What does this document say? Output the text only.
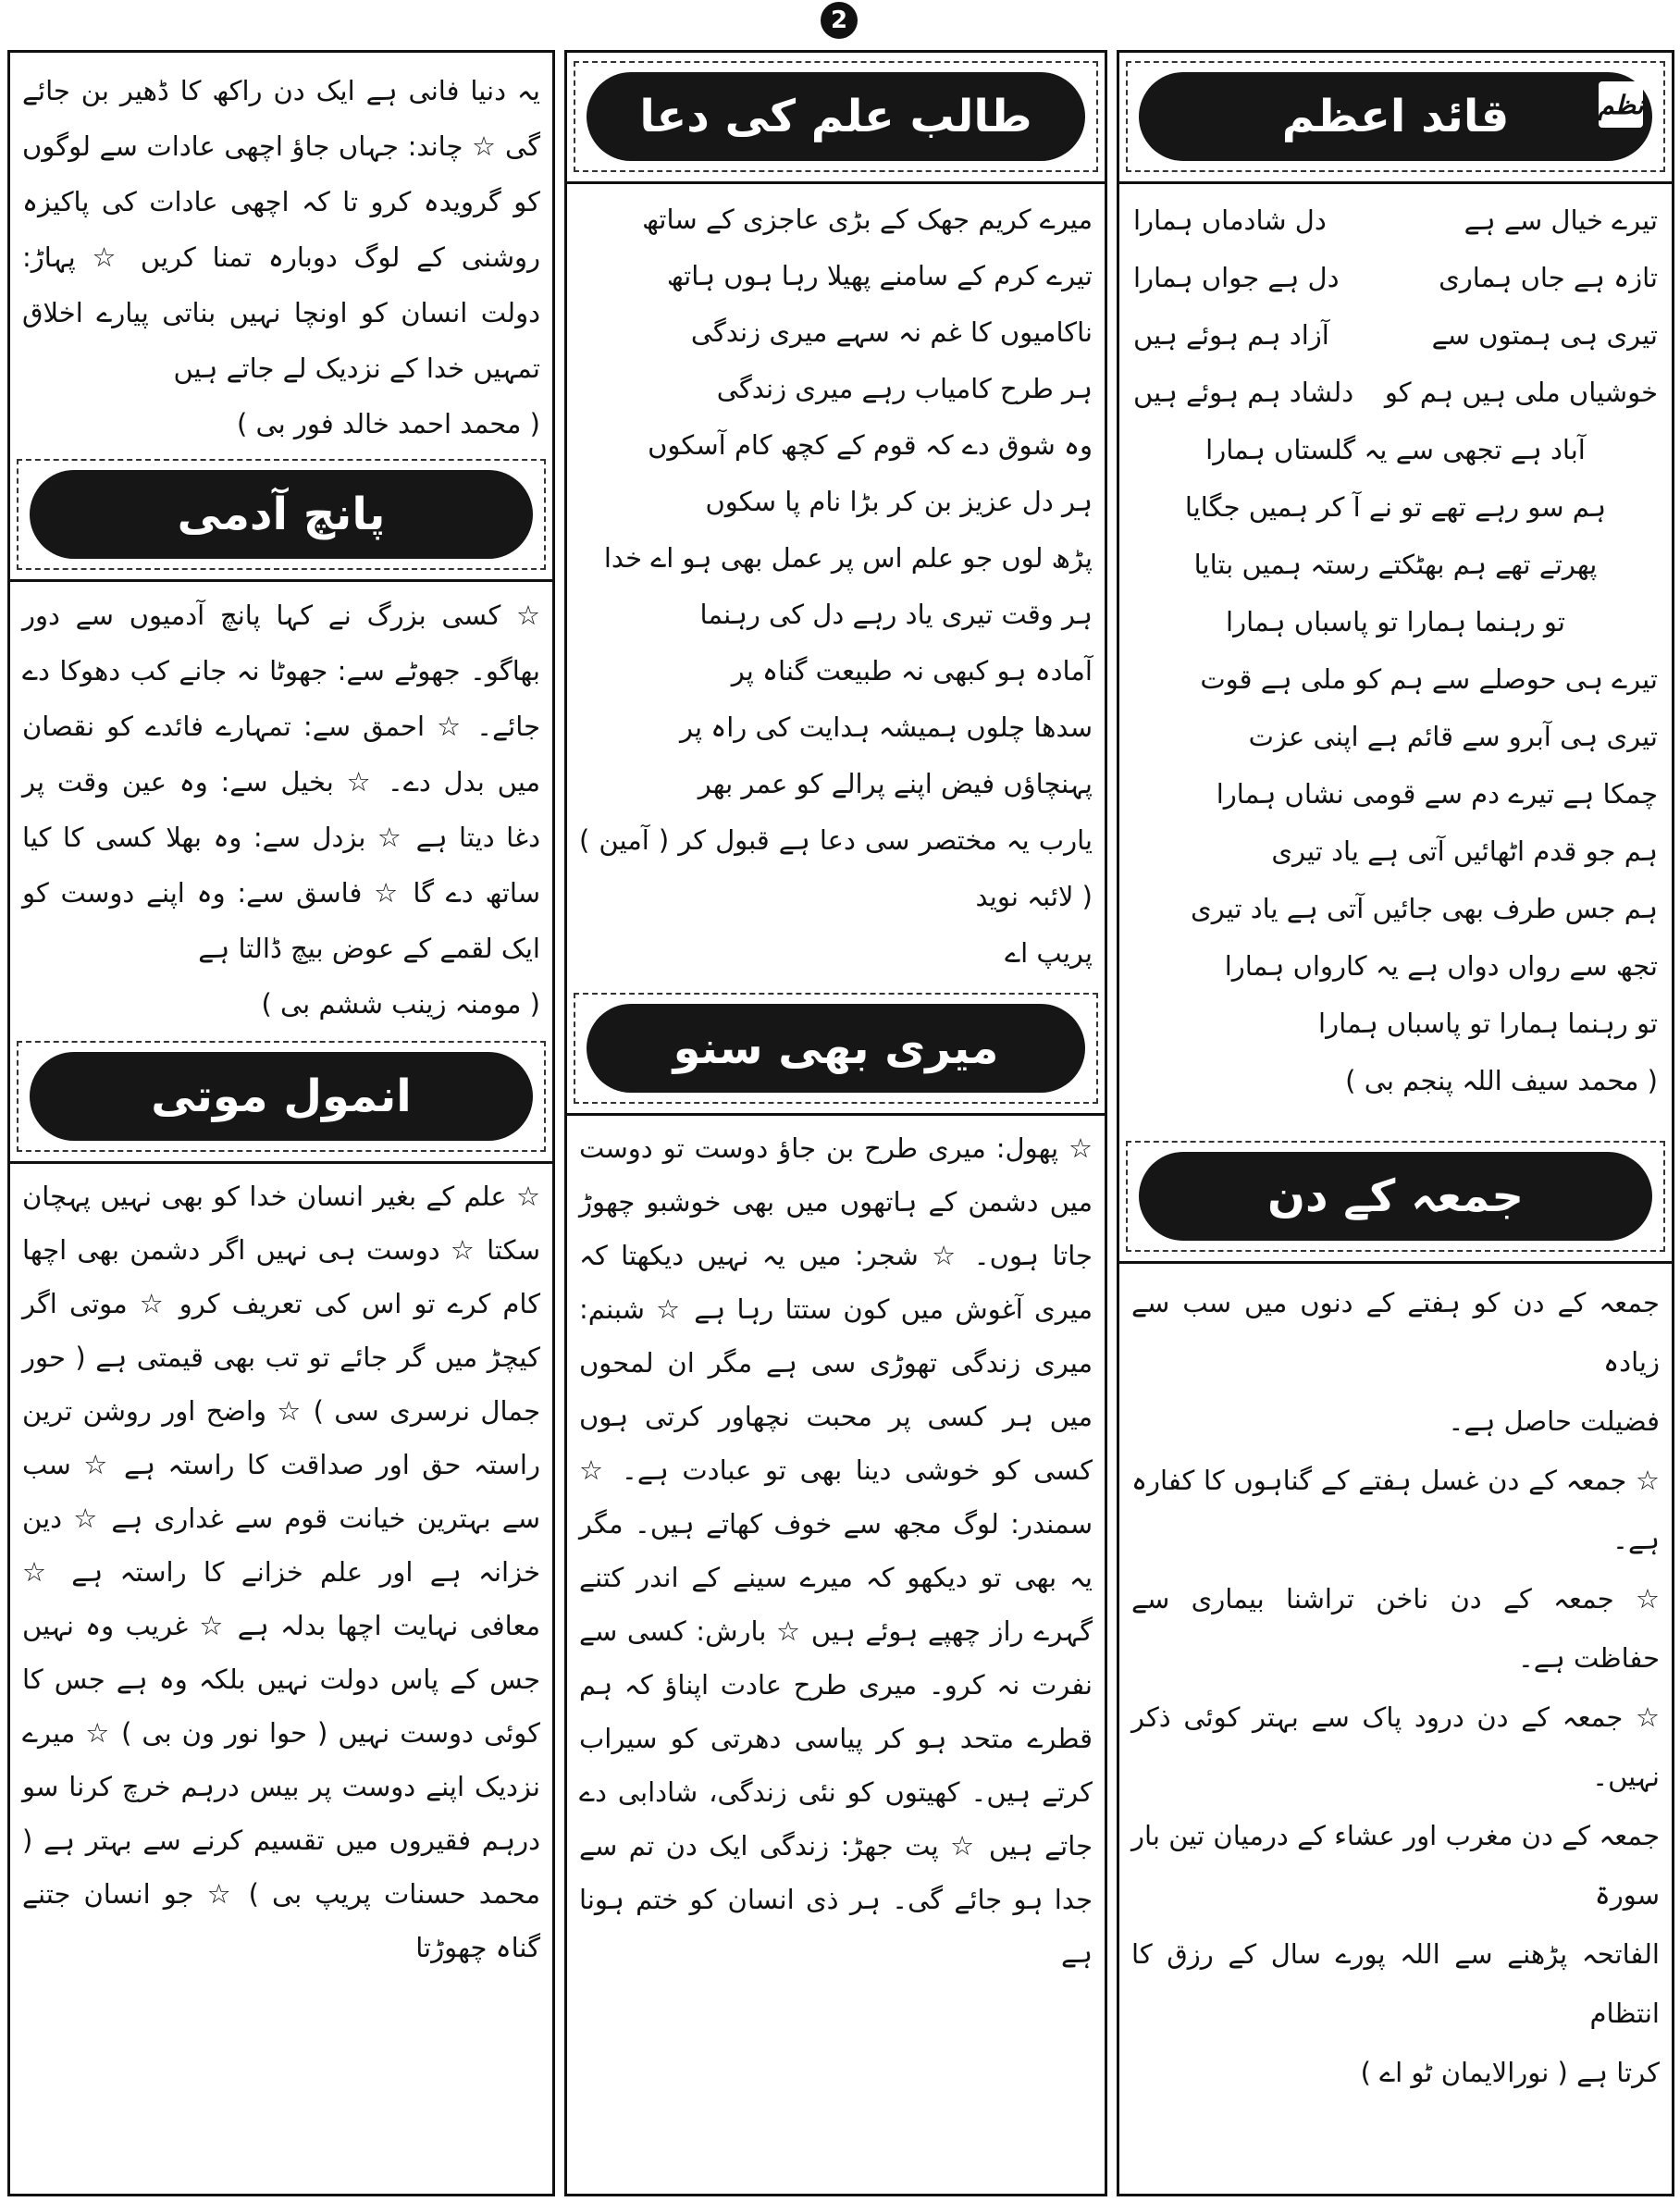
2
نظم
قائد اعظم
تیرے خیال سے ہے
دل شادماں ہمارا
تازہ ہے جاں ہماری
دل ہے جواں ہمارا
تیری ہی ہمتوں سے
آزاد ہم ہوئے ہیں
خوشیاں ملی ہیں ہم کو
دلشاد ہم ہوئے ہیں
آباد ہے تجھی سے یہ گلستاں ہمارا
ہم سو رہے تھے تو نے آ کر ہمیں جگایا
پھرتے تھے ہم بھٹکتے رستہ ہمیں بتایا
تو رہنما ہمارا تو پاسباں ہمارا
تیرے ہی حوصلے سے ہم کو ملی ہے قوت
تیری ہی آبرو سے قائم ہے اپنی عزت
چمکا ہے تیرے دم سے قومی نشاں ہمارا
ہم جو قدم اٹھائیں آتی ہے یاد تیری
ہم جس طرف بھی جائیں آتی ہے یاد تیری
تجھ سے رواں دواں ہے یہ کارواں ہمارا
تو رہنما ہمارا تو پاسباں ہمارا
( محمد سیف اللہ پنجم بی )
جمعہ کے دن

جمعہ کے دن کو ہفتے کے دنوں میں سب سے زیادہ

فضیلت حاصل ہے۔

☆ جمعہ کے دن غسل ہفتے کے گناہوں کا کفارہ ہے۔

☆ جمعہ کے دن ناخن تراشنا بیماری سے حفاظت ہے۔

☆ جمعہ کے دن درود پاک سے بہتر کوئی ذکر نہیں۔

جمعہ کے دن مغرب اور عشاء کے درمیان تین بار سورۃ

الفاتحہ پڑھنے سے اللہ پورے سال کے رزق کا انتظام

کرتا ہے ( نورالایمان ٹو اے )

طالب علم کی دعا

میرے کریم جھک کے بڑی عاجزی کے ساتھ

تیرے کرم کے سامنے پھیلا رہا ہوں ہاتھ

ناکامیوں کا غم نہ سہے میری زندگی

ہر طرح کامیاب رہے میری زندگی

وہ شوق دے کہ قوم کے کچھ کام آسکوں

ہر دل عزیز بن کر بڑا نام پا سکوں

پڑھ لوں جو علم اس پر عمل بھی ہو اے خدا

ہر وقت تیری یاد رہے دل کی رہنما

آمادہ ہو کبھی نہ طبیعت گناہ پر

سدھا چلوں ہمیشہ ہدایت کی راہ پر

پہنچاؤں فیض اپنے پرالے کو عمر بھر

یارب یہ مختصر سی دعا ہے قبول کر ( آمین ) ( لائبہ نوید

پریپ اے

میری بھی سنو

☆ پھول: میری طرح بن جاؤ دوست تو دوست میں دشمن کے ہاتھوں میں بھی خوشبو چھوڑ جاتا ہوں۔ ☆ شجر: میں یہ نہیں دیکھتا کہ میری آغوش میں کون ستتا رہا ہے ☆ شبنم: میری زندگی تھوڑی سی ہے مگر ان لمحوں میں ہر کسی پر محبت نچھاور کرتی ہوں کسی کو خوشی دینا بھی تو عبادت ہے۔ ☆ سمندر: لوگ مجھ سے خوف کھاتے ہیں۔ مگر یہ بھی تو دیکھو کہ میرے سینے کے اندر کتنے گہرے راز چھپے ہوئے ہیں ☆ بارش: کسی سے نفرت نہ کرو۔ میری طرح عادت اپناؤ کہ ہم قطرے متحد ہو کر پیاسی دھرتی کو سیراب کرتے ہیں۔ کھیتوں کو نئی زندگی، شادابی دے جاتے ہیں ☆ پت جھڑ: زندگی ایک دن تم سے جدا ہو جائے گی۔ ہر ذی انسان کو ختم ہونا ہے

یہ دنیا فانی ہے ایک دن راکھ کا ڈھیر بن جائے گی ☆ چاند: جہاں جاؤ اچھی عادات سے لوگوں کو گرویدہ کرو تا کہ اچھی عادات کی پاکیزہ روشنی کے لوگ دوبارہ تمنا کریں ☆ پہاڑ: دولت انسان کو اونچا نہیں بناتی پیارے اخلاق تمہیں خدا کے نزدیک لے جاتے ہیں

( محمد احمد خالد فور بی )

پانچ آدمی

☆ کسی بزرگ نے کہا پانچ آدمیوں سے دور بھاگو۔ جھوٹے سے: جھوٹا نہ جانے کب دھوکا دے جائے۔ ☆ احمق سے: تمہارے فائدے کو نقصان میں بدل دے۔ ☆ بخیل سے: وہ عین وقت پر دغا دیتا ہے ☆ بزدل سے: وہ بھلا کسی کا کیا ساتھ دے گا ☆ فاسق سے: وہ اپنے دوست کو ایک لقمے کے عوض بیچ ڈالتا ہے

( مومنہ زینب ششم بی )

انمول موتی

☆ علم کے بغیر انسان خدا کو بھی نہیں پہچان سکتا ☆ دوست ہی نہیں اگر دشمن بھی اچھا کام کرے تو اس کی تعریف کرو ☆ موتی اگر کیچڑ میں گر جائے تو تب بھی قیمتی ہے ( حور جمال نرسری سی ) ☆ واضح اور روشن ترین راستہ حق اور صداقت کا راستہ ہے ☆ سب سے بہترین خیانت قوم سے غداری ہے ☆ دین خزانہ ہے اور علم خزانے کا راستہ ہے ☆ معافی نہایت اچھا بدلہ ہے ☆ غریب وہ نہیں جس کے پاس دولت نہیں بلکہ وہ ہے جس کا کوئی دوست نہیں ( حوا نور ون بی ) ☆ میرے نزدیک اپنے دوست پر بیس درہم خرچ کرنا سو درہم فقیروں میں تقسیم کرنے سے بہتر ہے ( محمد حسنات پریپ بی ) ☆ جو انسان جتنے گناہ چھوڑتا
